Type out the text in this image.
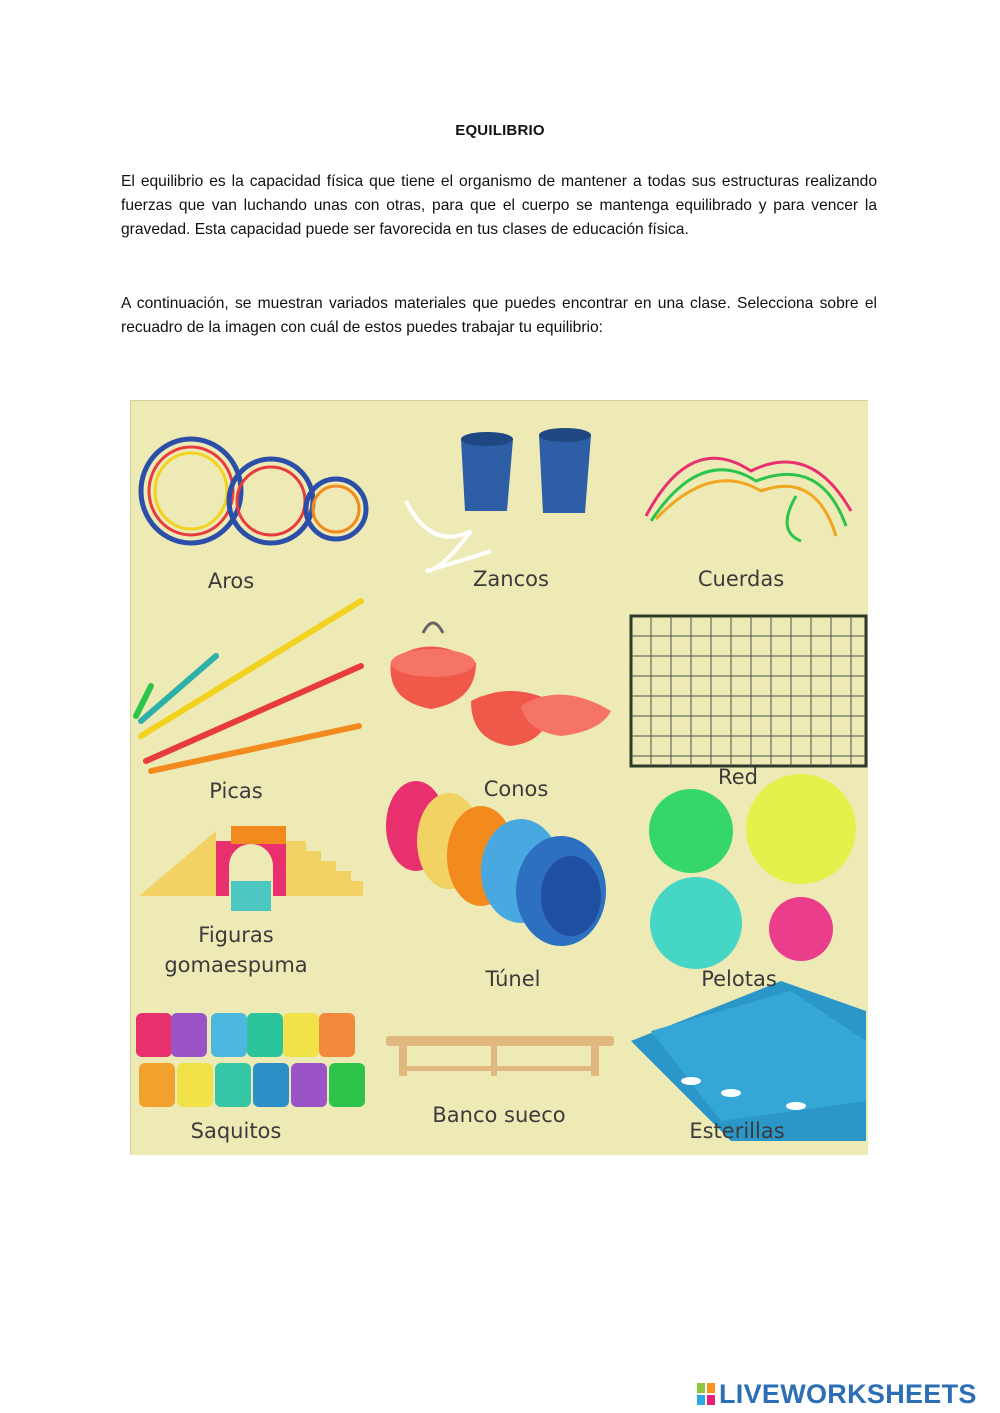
EQUILIBRIO

El equilibrio es la capacidad física que tiene el organismo de mantener a todas sus estructuras realizando fuerzas que van luchando unas con otras, para que el cuerpo se mantenga equilibrado y para vencer la gravedad. Esta capacidad puede ser favorecida en tus clases de educación física.

A continuación, se muestran variados materiales que puedes encontrar en una clase. Selecciona sobre el recuadro de la imagen con cuál de estos puedes trabajar tu equilibrio:

Aros	Zancos	Cuerdas
Picas	Conos	Red
Figuras
gomaespuma
Túnel	Pelotas
Saquitos
Banco sueco
Esterillas
LIVEWORKSHEETS
